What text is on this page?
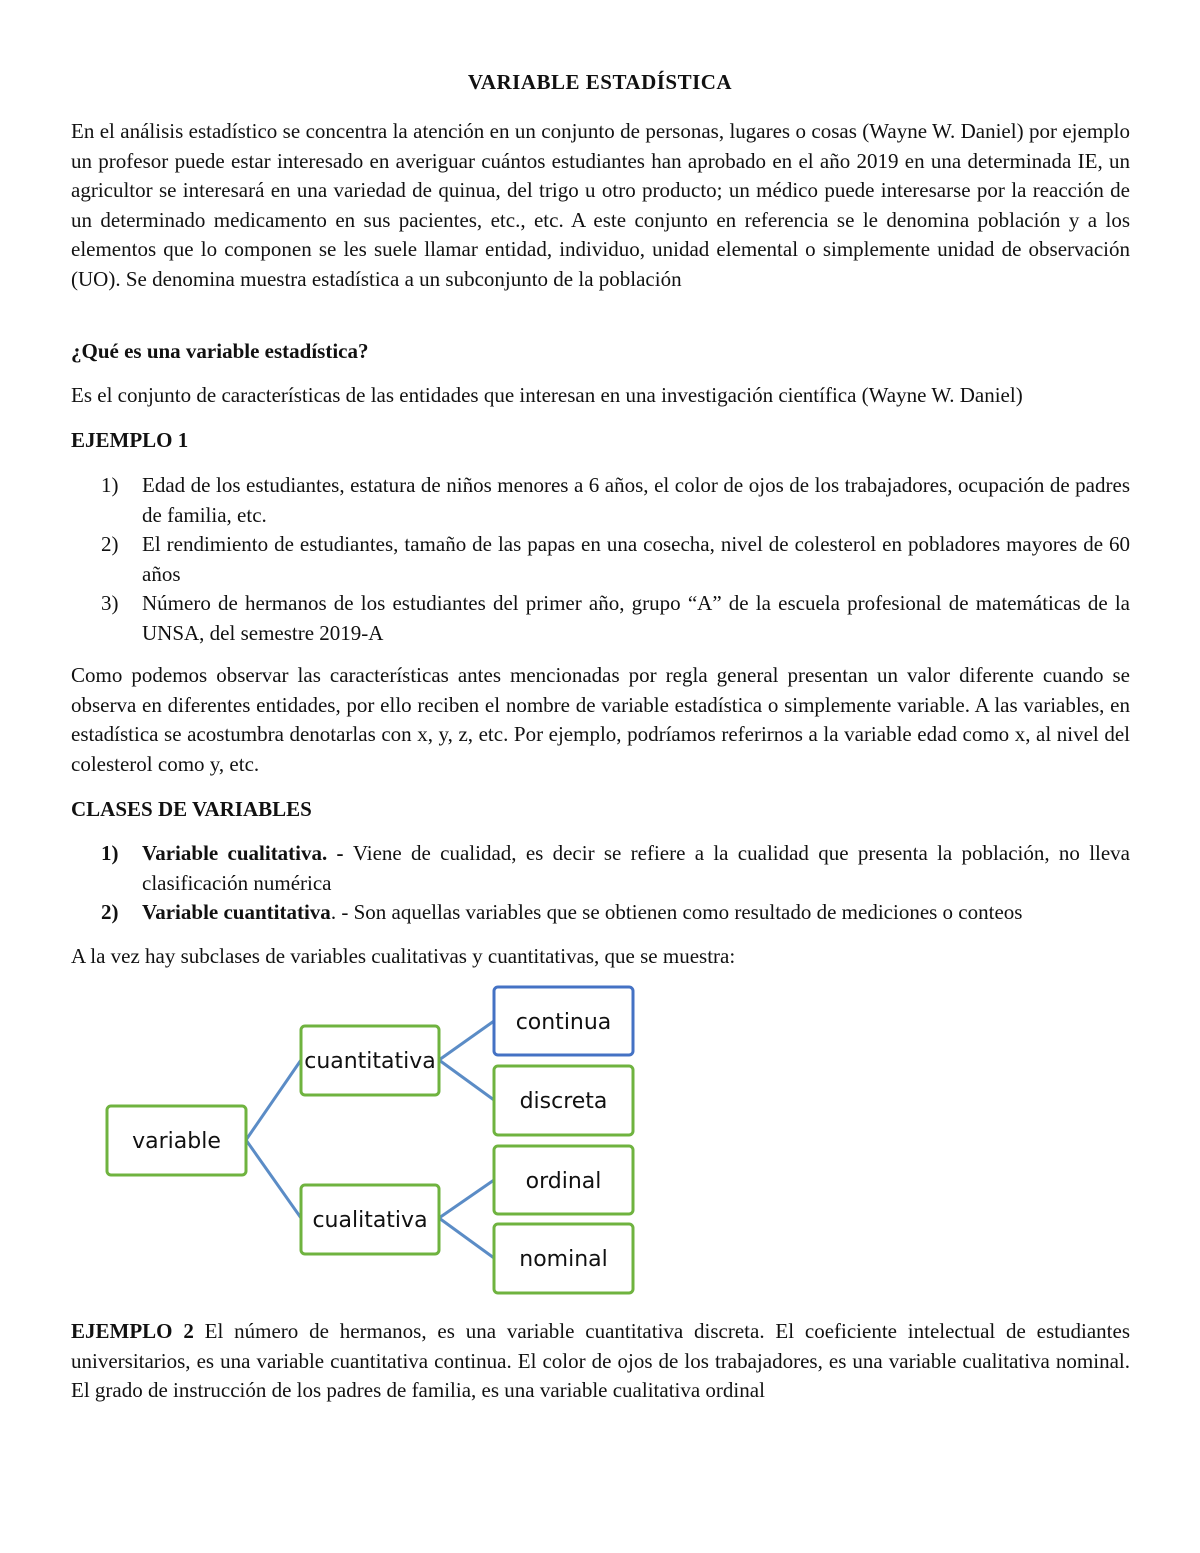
VARIABLE ESTADÍSTICA
En el análisis estadístico se concentra la atención en un conjunto de personas, lugares o cosas (Wayne W. Daniel) por ejemplo un profesor puede estar interesado en averiguar cuántos estudiantes han aprobado en el año 2019 en una determinada IE, un agricultor se interesará en una variedad de quinua, del trigo u otro producto; un médico puede interesarse por la reacción de un determinado medicamento en sus pacientes, etc., etc. A este conjunto en referencia se le denomina población y a los elementos que lo componen se les suele llamar entidad, individuo, unidad elemental o simplemente unidad de observación (UO). Se denomina muestra estadística a un subconjunto de la población
¿Qué es una variable estadística?
Es el conjunto de características de las entidades que interesan en una investigación científica (Wayne W. Daniel)
EJEMPLO 1
1) Edad de los estudiantes, estatura de niños menores a 6 años, el color de ojos de los trabajadores, ocupación de padres de familia, etc.
2) El rendimiento de estudiantes, tamaño de las papas en una cosecha, nivel de colesterol en pobladores mayores de 60 años
3) Número de hermanos de los estudiantes del primer año, grupo “A” de la escuela profesional de matemáticas de la UNSA, del semestre 2019-A
Como podemos observar las características antes mencionadas por regla general presentan un valor diferente cuando se observa en diferentes entidades, por ello reciben el nombre de variable estadística o simplemente variable. A las variables, en estadística se acostumbra denotarlas con x, y, z, etc. Por ejemplo, podríamos referirnos a la variable edad como x, al nivel del colesterol como y, etc.
CLASES DE VARIABLES
1) Variable cualitativa. - Viene de cualidad, es decir se refiere a la cualidad que presenta la población, no lleva clasificación numérica
2) Variable cuantitativa. - Son aquellas variables que se obtienen como resultado de mediciones o conteos
A la vez hay subclases de variables cualitativas y cuantitativas, que se muestra:
variable
cuantitativa
cualitativa
continua
discreta
ordinal
nominal
EJEMPLO 2 El número de hermanos, es una variable cuantitativa discreta. El coeficiente intelectual de estudiantes universitarios, es una variable cuantitativa continua. El color de ojos de los trabajadores, es una variable cualitativa nominal. El grado de instrucción de los padres de familia, es una variable cualitativa ordinal
